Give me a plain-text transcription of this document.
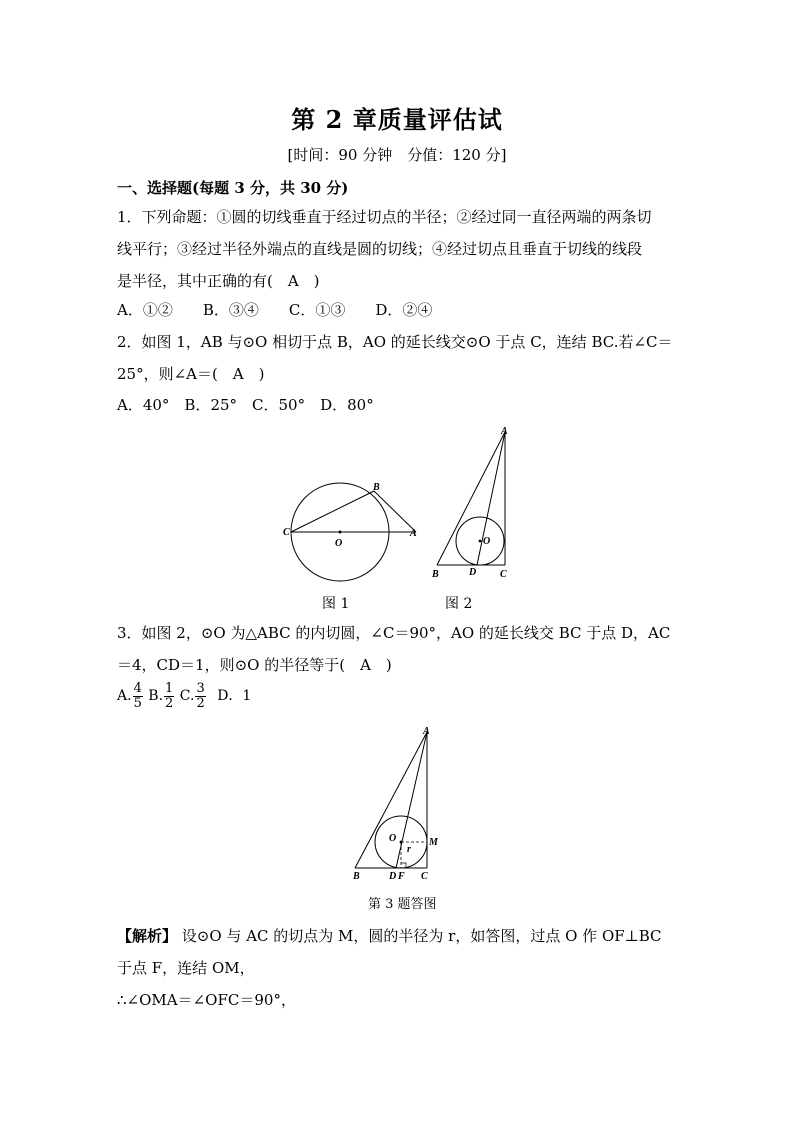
第 2 章质量评估试
[时间：90 分钟　分值：120 分]
一、选择题(每题 3 分，共 30 分)
1．下列命题：①圆的切线垂直于经过切点的半径；②经过同一直径两端的两条切
线平行；③经过半径外端点的直线是圆的切线；④经过切点且垂直于切线的线段
是半径，其中正确的有(　A　)
A．①②　　B．③④　　C．①③　　D．②④
2．如图 1，AB 与⊙O 相切于点 B，AO 的延长线交⊙O 于点 C，连结 BC.若∠C＝
25°，则∠A＝(　A　)
A．40°　B．25°　C．50°　D．80°
C
O
B
A
A
O
B	D C
图 1	图 2
3．如图 2，⊙O 为△ABC 的内切圆，∠C＝90°，AO 的延长线交 BC 于点 D，AC
＝4，CD＝1，则⊙O 的半径等于(　A　)
A. $\frac{4}{5} B$. $\frac{1}{2} C$. $\frac{3}{2}$ D．1
A
O	M
r
B	D F C
第 3 题答图
【解析】 设⊙O 与 AC 的切点为 M，圆的半径为 r，如答图，过点 O 作 OF⊥BC
于点 F，连结 OM，
∴∠OMA＝∠OFC＝90°，
